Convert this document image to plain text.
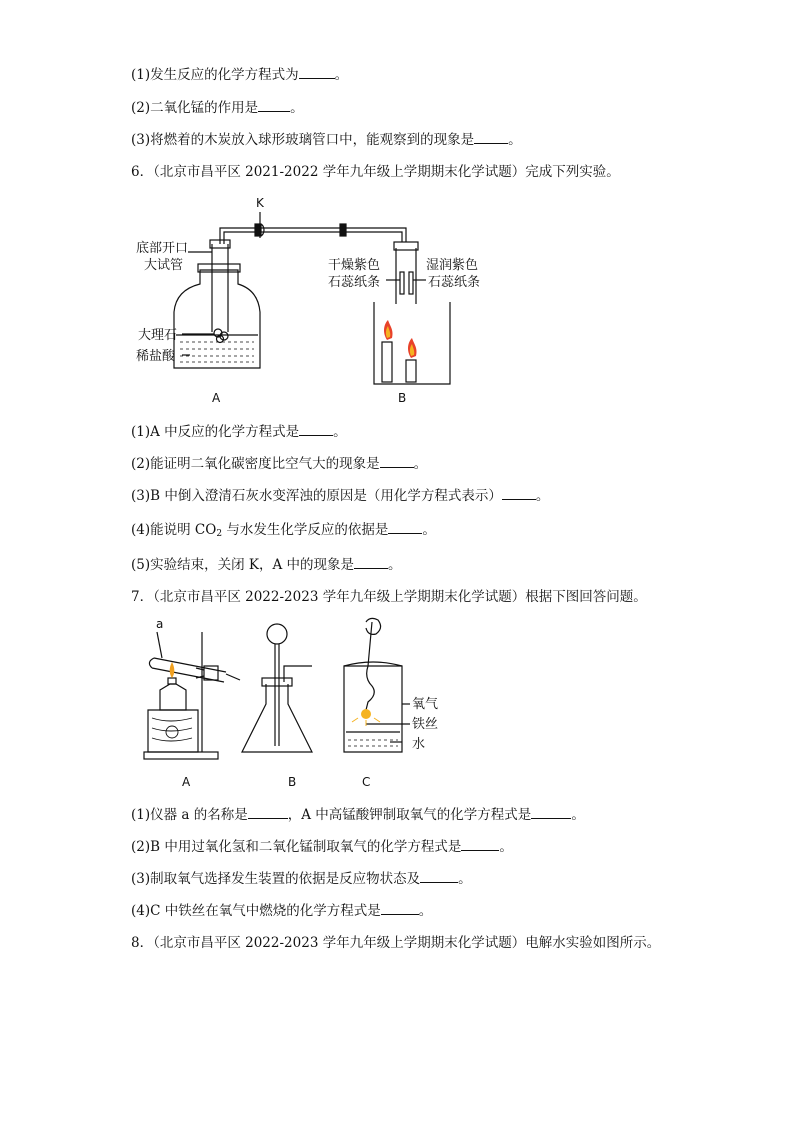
(1)发生反应的化学方程式为	。
(2)二氧化锰的作用是 。
(3)将燃着的木炭放入球形玻璃管口中，能观察到的现象是	。
6．（北京市昌平区 2021-2022 学年九年级上学期期末化学试题）完成下列实验。
K
底部开口
大试管
大理石
稀盐酸
干燥紫色
石蕊纸条
湿润紫色
石蕊纸条
A	B
(1)A 中反应的化学方程式是	。
(2)能证明二氧化碳密度比空气大的现象是	。
(3)B 中倒入澄清石灰水变浑浊的原因是（用化学方程式表示）	。
(4)能说明 $CO_2$ 与水发生化学反应的依据是	。
(5)实验结束，关闭 K，A 中的现象是	。
7．（北京市昌平区 2022-2023 学年九年级上学期期末化学试题）根据下图回答问题。
a
氧气
铁丝
水
A	B	C
(1)仪器 a 的名称是	，A 中高锰酸钾制取氧气的化学方程式是	。
(2)B 中用过氧化氢和二氧化锰制取氧气的化学方程式是	。
(3)制取氧气选择发生装置的依据是反应物状态及	。
(4)C 中铁丝在氧气中燃烧的化学方程式是	。
8．（北京市昌平区 2022-2023 学年九年级上学期期末化学试题）电解水实验如图所示。
